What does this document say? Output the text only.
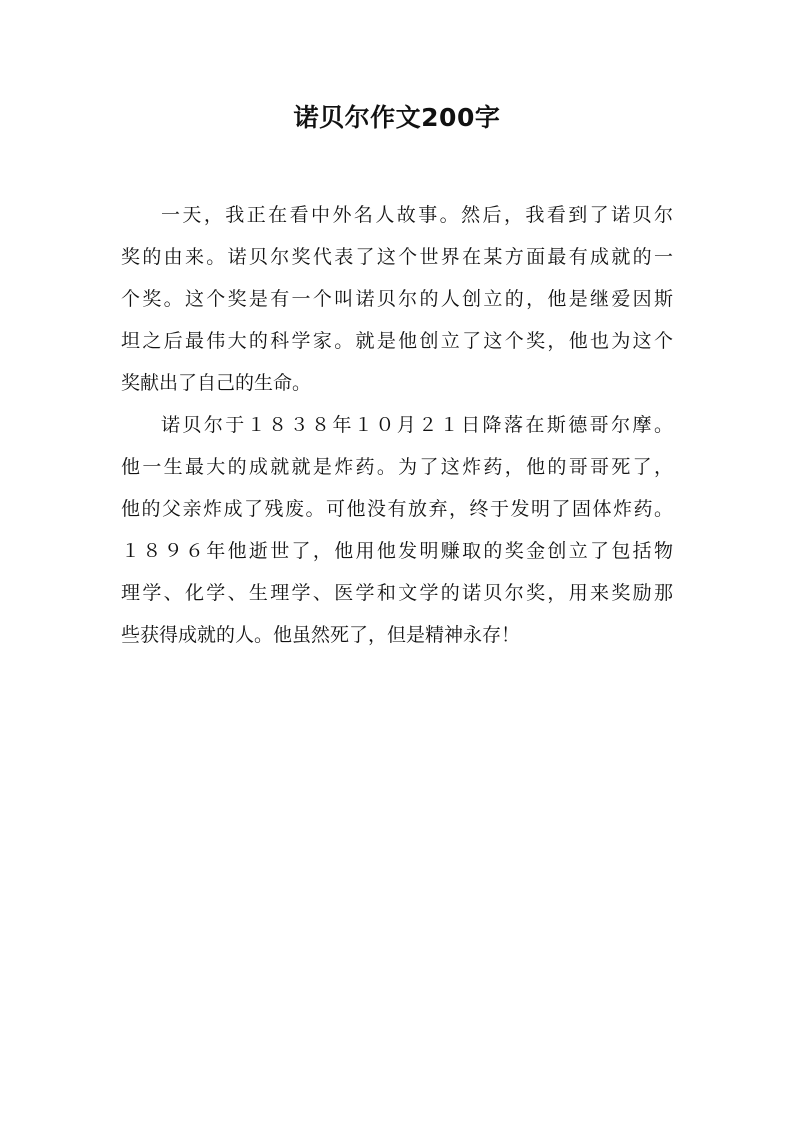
诺贝尔作文200字

一天，我正在看中外名人故事。然后，我看到了诺贝尔

奖的由来。诺贝尔奖代表了这个世界在某方面最有成就的一

个奖。这个奖是有一个叫诺贝尔的人创立的，他是继爱因斯

坦之后最伟大的科学家。就是他创立了这个奖，他也为这个

奖献出了自己的生命。

诺贝尔于１８３８年１０月２１日降落在斯德哥尔摩。

他一生最大的成就就是炸药。为了这炸药，他的哥哥死了，

他的父亲炸成了残废。可他没有放弃，终于发明了固体炸药。

１８９６年他逝世了，他用他发明赚取的奖金创立了包括物

理学、化学、生理学、医学和文学的诺贝尔奖，用来奖励那

些获得成就的人。他虽然死了，但是精神永存！
